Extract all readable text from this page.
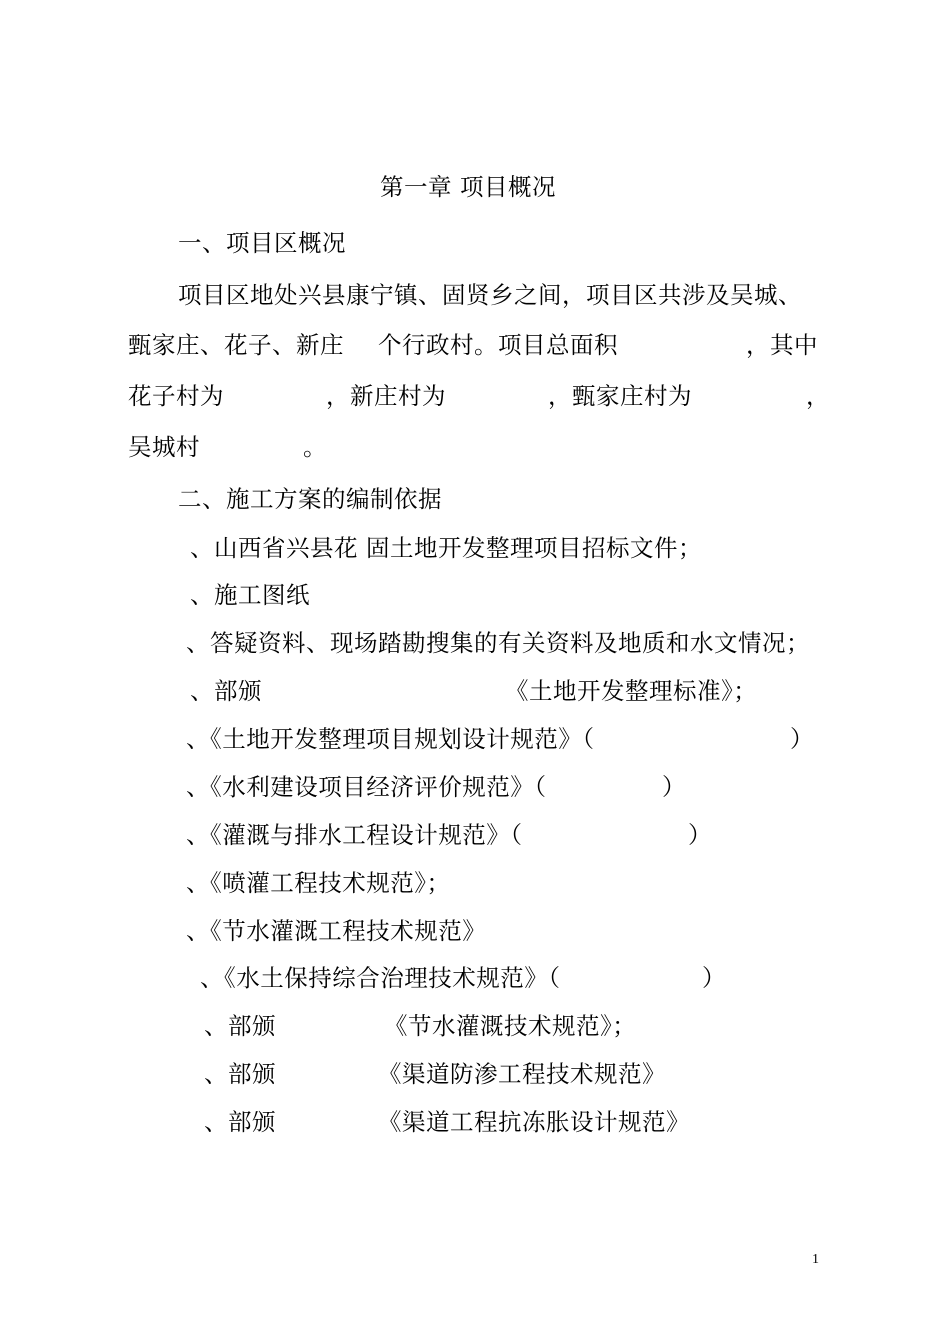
第一章 项目概况
一、项目区概况
项目区地处兴县康宁镇、固贤乡之间，项目区共涉及吴城、
甄家庄、花子、新庄 个行政村。项目总面积	，其中
花子村为	，新庄村为	，甄家庄村为	，
吴城村	。
二、施工方案的编制依据
、山西省兴县花 固土地开发整理项目招标文件；
、施工图纸
、答疑资料、现场踏勘搜集的有关资料及地质和水文情况；
、部颁	《土地开发整理标准》；
、《土地开发整理项目规划设计规范》（	）
、《水利建设项目经济评价规范》（	）
、《灌溉与排水工程设计规范》（	）
、《喷灌工程技术规范》；
、《节水灌溉工程技术规范》
、《水土保持综合治理技术规范》（	）
、部颁	《节水灌溉技术规范》；
、部颁	《渠道防渗工程技术规范》
、部颁	《渠道工程抗冻胀设计规范》
1
